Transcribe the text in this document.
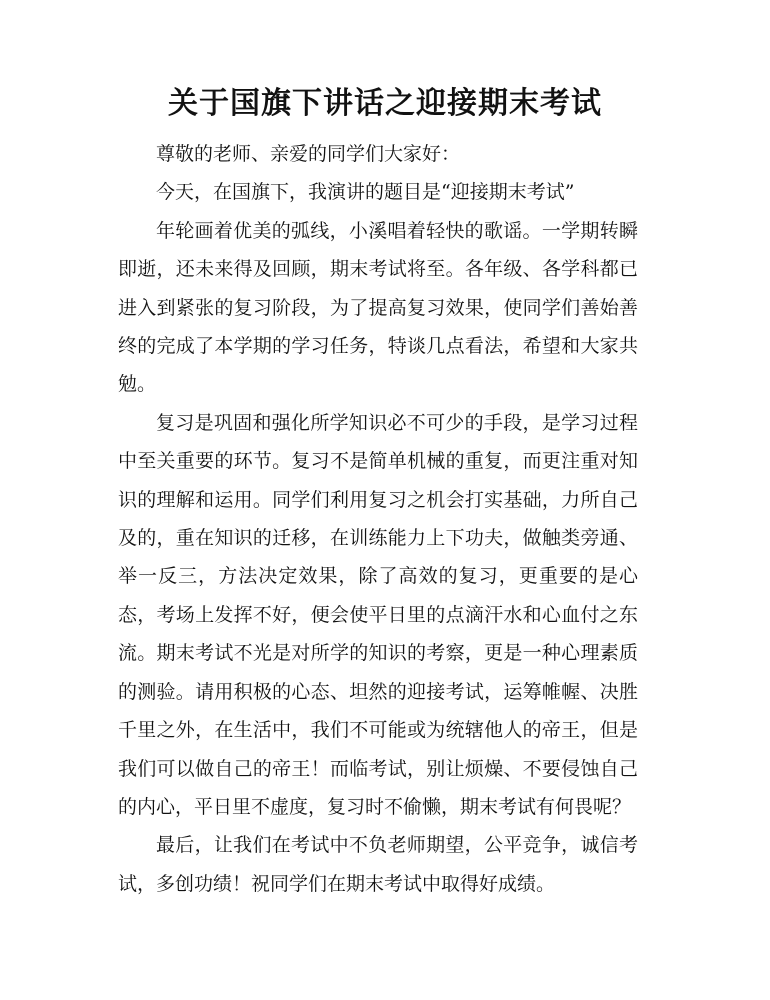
关于国旗下讲话之迎接期末考试

尊敬的老师、亲爱的同学们大家好：

今天，在国旗下，我演讲的题目是“迎接期末考试”

年轮画着优美的弧线，小溪唱着轻快的歌谣。一学期转瞬即逝，还未来得及回顾，期末考试将至。各年级、各学科都已进入到紧张的复习阶段，为了提高复习效果，使同学们善始善终的完成了本学期的学习任务，特谈几点看法，希望和大家共勉。

复习是巩固和强化所学知识必不可少的手段，是学习过程中至关重要的环节。复习不是简单机械的重复，而更注重对知识的理解和运用。同学们利用复习之机会打实基础，力所自己及的，重在知识的迁移，在训练能力上下功夫，做触类旁通、举一反三，方法决定效果，除了高效的复习，更重要的是心态，考场上发挥不好，便会使平日里的点滴汗水和心血付之东流。期末考试不光是对所学的知识的考察，更是一种心理素质的测验。请用积极的心态、坦然的迎接考试，运筹帷幄、决胜千里之外，在生活中，我们不可能或为统辖他人的帝王，但是我们可以做自己的帝王！而临考试，别让烦燥、不要侵蚀自己的内心，平日里不虚度，复习时不偷懒，期末考试有何畏呢？

最后，让我们在考试中不负老师期望，公平竞争，诚信考试，多创功绩！祝同学们在期末考试中取得好成绩。
